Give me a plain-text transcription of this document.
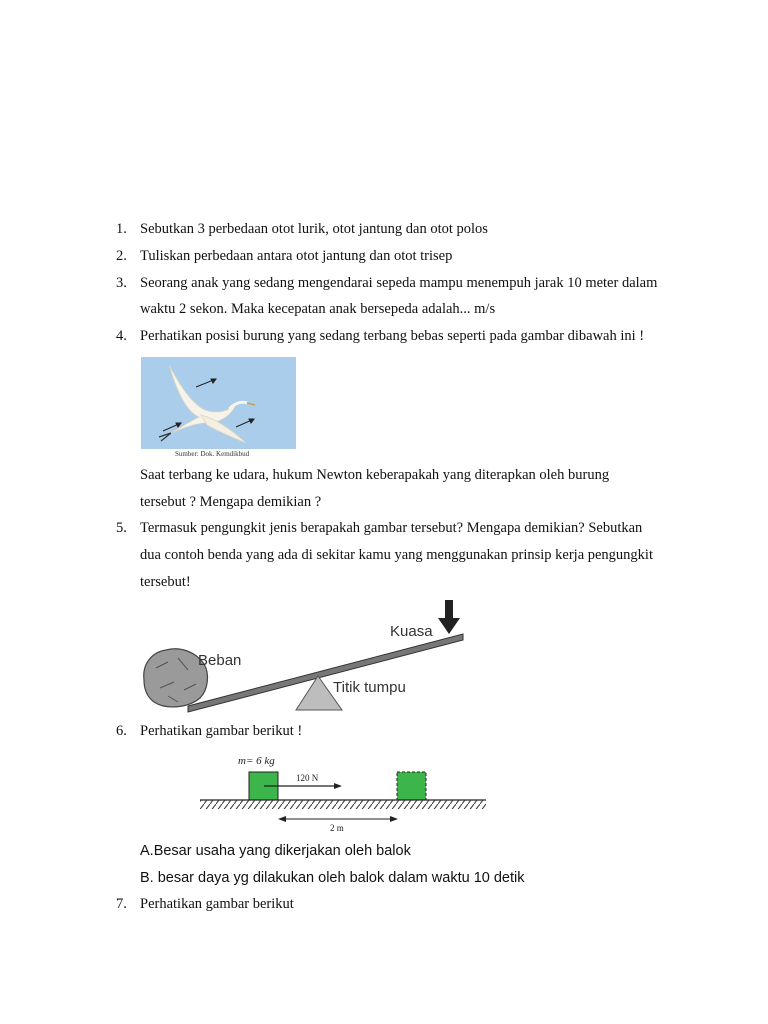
1. Sebutkan 3 perbedaan otot lurik, otot jantung dan otot polos
2. Tuliskan perbedaan antara otot jantung dan otot trisep
3. Seorang anak yang sedang mengendarai sepeda mampu menempuh jarak 10 meter dalam
waktu 2 sekon. Maka kecepatan anak bersepeda adalah... m/s
4. Perhatikan posisi burung yang sedang terbang bebas seperti pada gambar dibawah ini !
Sumber: Dok. Kemdikbud
Saat terbang ke udara, hukum Newton keberapakah yang diterapkan oleh burung
tersebut ? Mengapa demikian ?
5. Termasuk pengungkit jenis berapakah gambar tersebut? Mengapa demikian? Sebutkan
dua contoh benda yang ada di sekitar kamu yang menggunakan prinsip kerja pengungkit
tersebut!
Kuasa
Beban
Titik tumpu
6. Perhatikan gambar berikut !
m= 6 kg
120 N
2 m
A.Besar usaha yang dikerjakan oleh balok
B. besar daya yg dilakukan oleh balok dalam waktu 10 detik
7. Perhatikan gambar berikut
